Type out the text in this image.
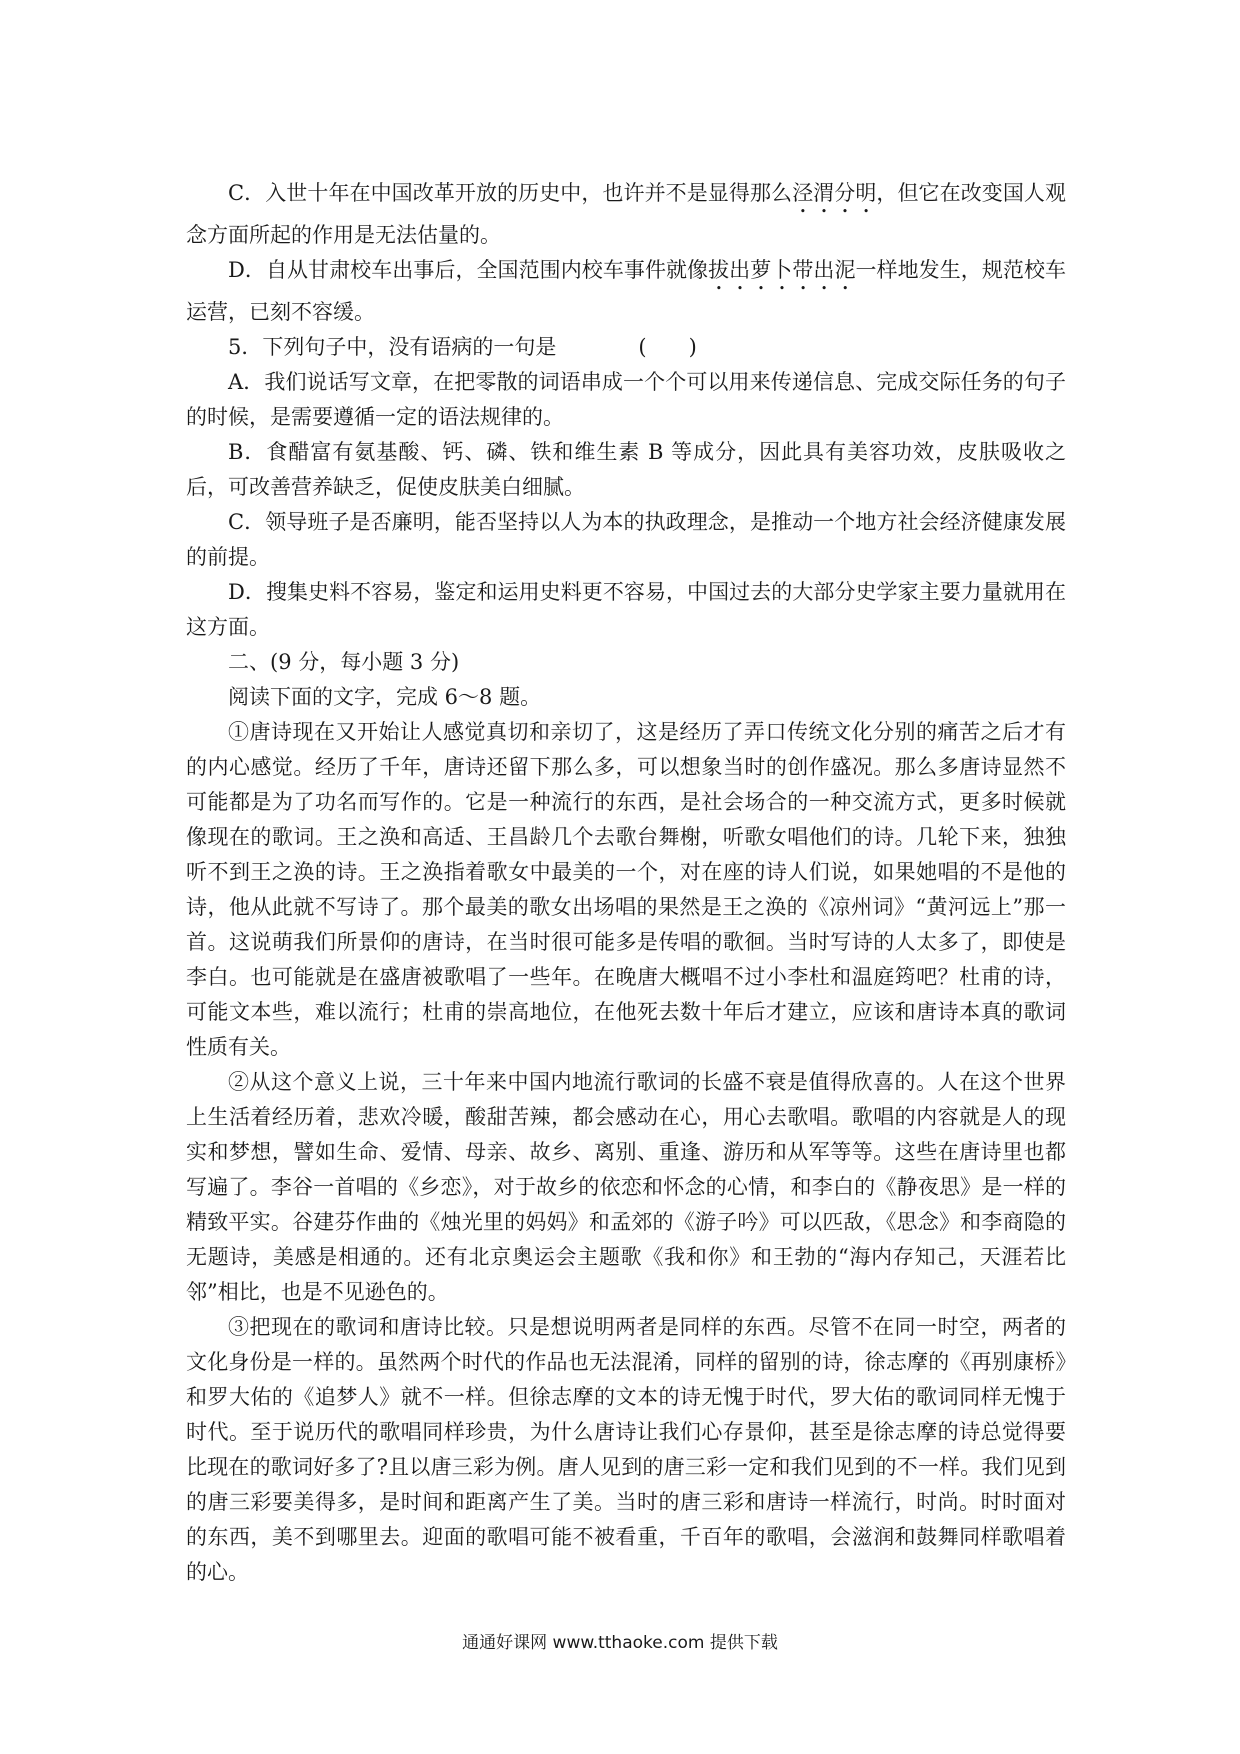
C．入世十年在中国改革开放的历史中，也许并不是显得那么泾渭分明，但它在改变国人观念方面所起的作用是无法估量的。

D．自从甘肃校车出事后，全国范围内校车事件就像拔出萝卜带出泥一样地发生，规范校车运营，已刻不容缓。

5．下列句子中，没有语病的一句是	(　　)

A．我们说话写文章，在把零散的词语串成一个个可以用来传递信息、完成交际任务的句子的时候，是需要遵循一定的语法规律的。

B．食醋富有氨基酸、钙、磷、铁和维生素 B 等成分，因此具有美容功效，皮肤吸收之后，可改善营养缺乏，促使皮肤美白细腻。

C．领导班子是否廉明，能否坚持以人为本的执政理念，是推动一个地方社会经济健康发展的前提。

D．搜集史料不容易，鉴定和运用史料更不容易，中国过去的大部分史学家主要力量就用在这方面。

二、(9 分，每小题 3 分)

阅读下面的文字，完成 6～8 题。

①唐诗现在又开始让人感觉真切和亲切了，这是经历了弄口传统文化分别的痛苦之后才有的内心感觉。经历了千年，唐诗还留下那么多，可以想象当时的创作盛况。那么多唐诗显然不可能都是为了功名而写作的。它是一种流行的东西，是社会场合的一种交流方式，更多时候就像现在的歌词。王之涣和高适、王昌龄几个去歌台舞榭，听歌女唱他们的诗。几轮下来，独独听不到王之涣的诗。王之涣指着歌女中最美的一个，对在座的诗人们说，如果她唱的不是他的诗，他从此就不写诗了。那个最美的歌女出场唱的果然是王之涣的《凉州词》“黄河远上”那一首。这说萌我们所景仰的唐诗，在当时很可能多是传唱的歌徊。当时写诗的人太多了，即使是李白。也可能就是在盛唐被歌唱了一些年。在晚唐大概唱不过小李杜和温庭筠吧？杜甫的诗，可能文本些，难以流行；杜甫的崇高地位，在他死去数十年后才建立，应该和唐诗本真的歌词性质有关。

②从这个意义上说，三十年来中国内地流行歌词的长盛不衰是值得欣喜的。人在这个世界上生活着经历着，悲欢冷暖，酸甜苦辣，都会感动在心，用心去歌唱。歌唱的内容就是人的现实和梦想，譬如生命、爱情、母亲、故乡、离别、重逢、游历和从军等等。这些在唐诗里也都写遍了。李谷一首唱的《乡恋》，对于故乡的依恋和怀念的心情，和李白的《静夜思》是一样的精致平实。谷建芬作曲的《烛光里的妈妈》和孟郊的《游子吟》可以匹敌，《思念》和李商隐的无题诗，美感是相通的。还有北京奥运会主题歌《我和你》和王勃的“海内存知己，天涯若比邻”相比，也是不见逊色的。

③把现在的歌词和唐诗比较。只是想说明两者是同样的东西。尽管不在同一时空，两者的文化身份是一样的。虽然两个时代的作品也无法混淆，同样的留别的诗，徐志摩的《再别康桥》和罗大佑的《追梦人》就不一样。但徐志摩的文本的诗无愧于时代，罗大佑的歌词同样无愧于时代。至于说历代的歌唱同样珍贵，为什么唐诗让我们心存景仰，甚至是徐志摩的诗总觉得要比现在的歌词好多了?且以唐三彩为例。唐人见到的唐三彩一定和我们见到的不一样。我们见到的唐三彩要美得多，是时间和距离产生了美。当时的唐三彩和唐诗一样流行，时尚。时时面对的东西，美不到哪里去。迎面的歌唱可能不被看重，千百年的歌唱，会滋润和鼓舞同样歌唱着的心。

通通好课网 www.tthaoke.com 提供下载
